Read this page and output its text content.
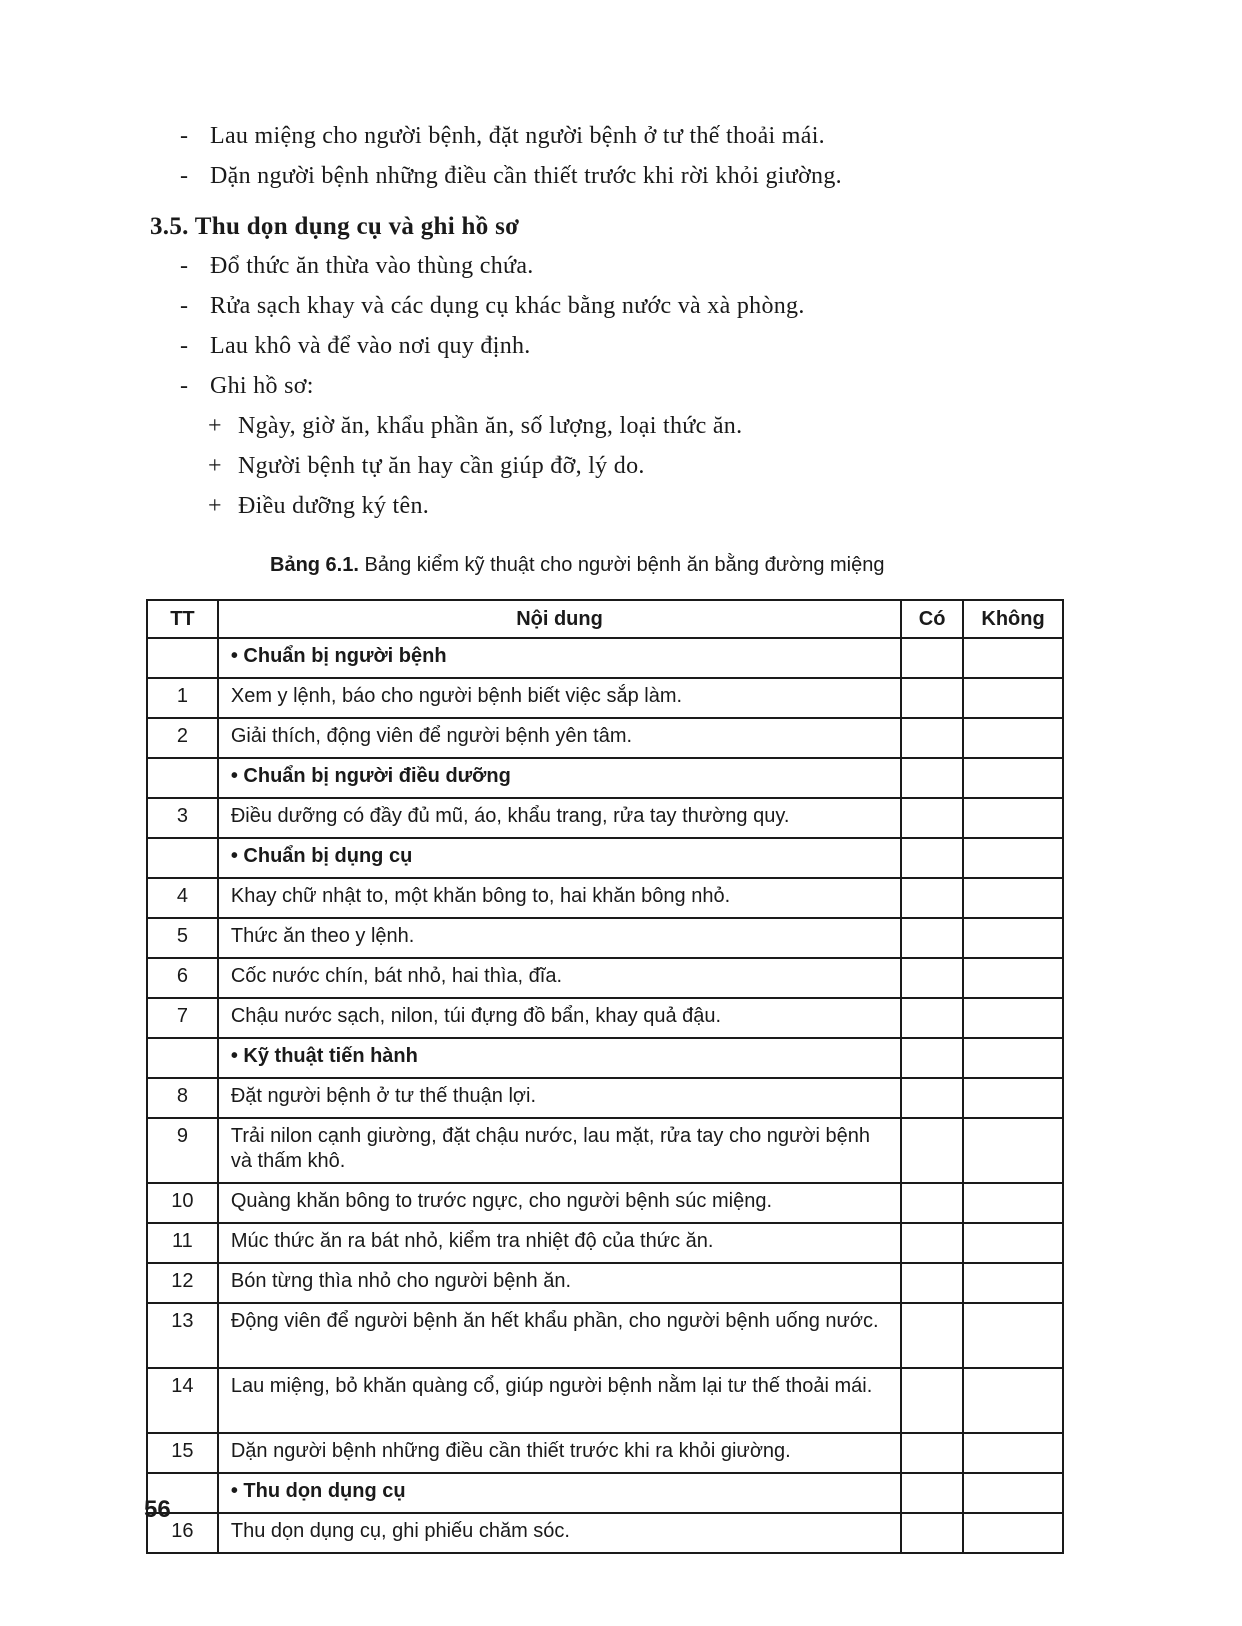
- Lau miệng cho người bệnh, đặt người bệnh ở tư thế thoải mái.
- Dặn người bệnh những điều cần thiết trước khi rời khỏi giường.
3.5. Thu dọn dụng cụ và ghi hồ sơ
- Đổ thức ăn thừa vào thùng chứa.
- Rửa sạch khay và các dụng cụ khác bằng nước và xà phòng.
- Lau khô và để vào nơi quy định.
- Ghi hồ sơ:
+ Ngày, giờ ăn, khẩu phần ăn, số lượng, loại thức ăn.
+ Người bệnh tự ăn hay cần giúp đỡ, lý do.
+ Điều dưỡng ký tên.
Bảng 6.1. Bảng kiểm kỹ thuật cho người bệnh ăn bằng đường miệng
TT	Nội dung	Có	Không
	• Chuẩn bị người bệnh		
1	Xem y lệnh, báo cho người bệnh biết việc sắp làm.		
2	Giải thích, động viên để người bệnh yên tâm.		
	• Chuẩn bị người điều dưỡng		
3	Điều dưỡng có đầy đủ mũ, áo, khẩu trang, rửa tay thường quy.		
	• Chuẩn bị dụng cụ		
4	Khay chữ nhật to, một khăn bông to, hai khăn bông nhỏ.		
5	Thức ăn theo y lệnh.		
6	Cốc nước chín, bát nhỏ, hai thìa, đĩa.		
7	Chậu nước sạch, nilon, túi đựng đồ bẩn, khay quả đậu.		
	• Kỹ thuật tiến hành		
8	Đặt người bệnh ở tư thế thuận lợi.		
9	Trải nilon cạnh giường, đặt chậu nước, lau mặt, rửa tay cho người bệnh và thấm khô.		
10	Quàng khăn bông to trước ngực, cho người bệnh súc miệng.		
11	Múc thức ăn ra bát nhỏ, kiểm tra nhiệt độ của thức ăn.		
12	Bón từng thìa nhỏ cho người bệnh ăn.		
13	Động viên để người bệnh ăn hết khẩu phần, cho người bệnh uống nước.		
14	Lau miệng, bỏ khăn quàng cổ, giúp người bệnh nằm lại tư thế thoải mái.		
15	Dặn người bệnh những điều cần thiết trước khi ra khỏi giường.		
	• Thu dọn dụng cụ		
16	Thu dọn dụng cụ, ghi phiếu chăm sóc.		
56
